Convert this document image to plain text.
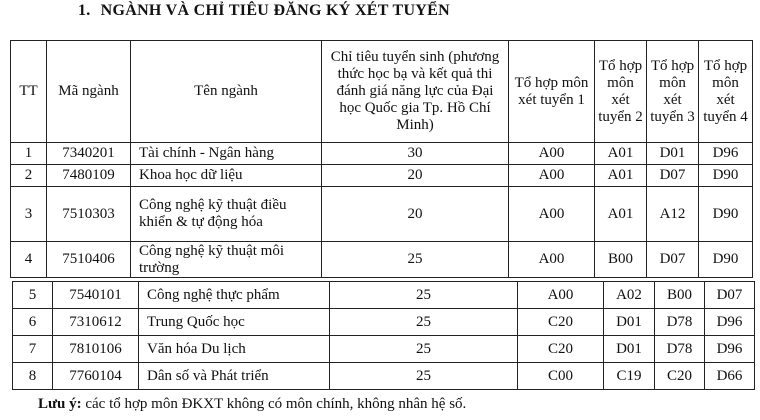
1. NGÀNH VÀ CHỈ TIÊU ĐĂNG KÝ XÉT TUYỂN
TT	Mã ngành	Tên ngành	Chỉ tiêu tuyển sinh (phương thức học bạ và kết quả thi đánh giá năng lực của Đại học Quốc gia Tp. Hồ Chí Minh)	Tổ hợp môn xét tuyển 1	Tổ hợp môn xét tuyển 2	Tổ hợp môn xét tuyển 3	Tổ hợp môn xét tuyển 4
1	7340201	Tài chính - Ngân hàng	30	A00	A01	D01	D96
2	7480109	Khoa học dữ liệu	20	A00	A01	D07	D90
3	7510303	Công nghệ kỹ thuật điều khiển & tự động hóa	20	A00	A01	A12	D90
4	7510406	Công nghệ kỹ thuật môi trường	25	A00	B00	D07	D90
5	7540101	Công nghệ thực phẩm	25	A00	A02	B00	D07
6	7310612	Trung Quốc học	25	C20	D01	D78	D96
7	7810106	Văn hóa Du lịch	25	C20	D01	D78	D96
8	7760104	Dân số và Phát triển	25	C00	C19	C20	D66
Lưu ý: các tổ hợp môn ĐKXT không có môn chính, không nhân hệ số.
